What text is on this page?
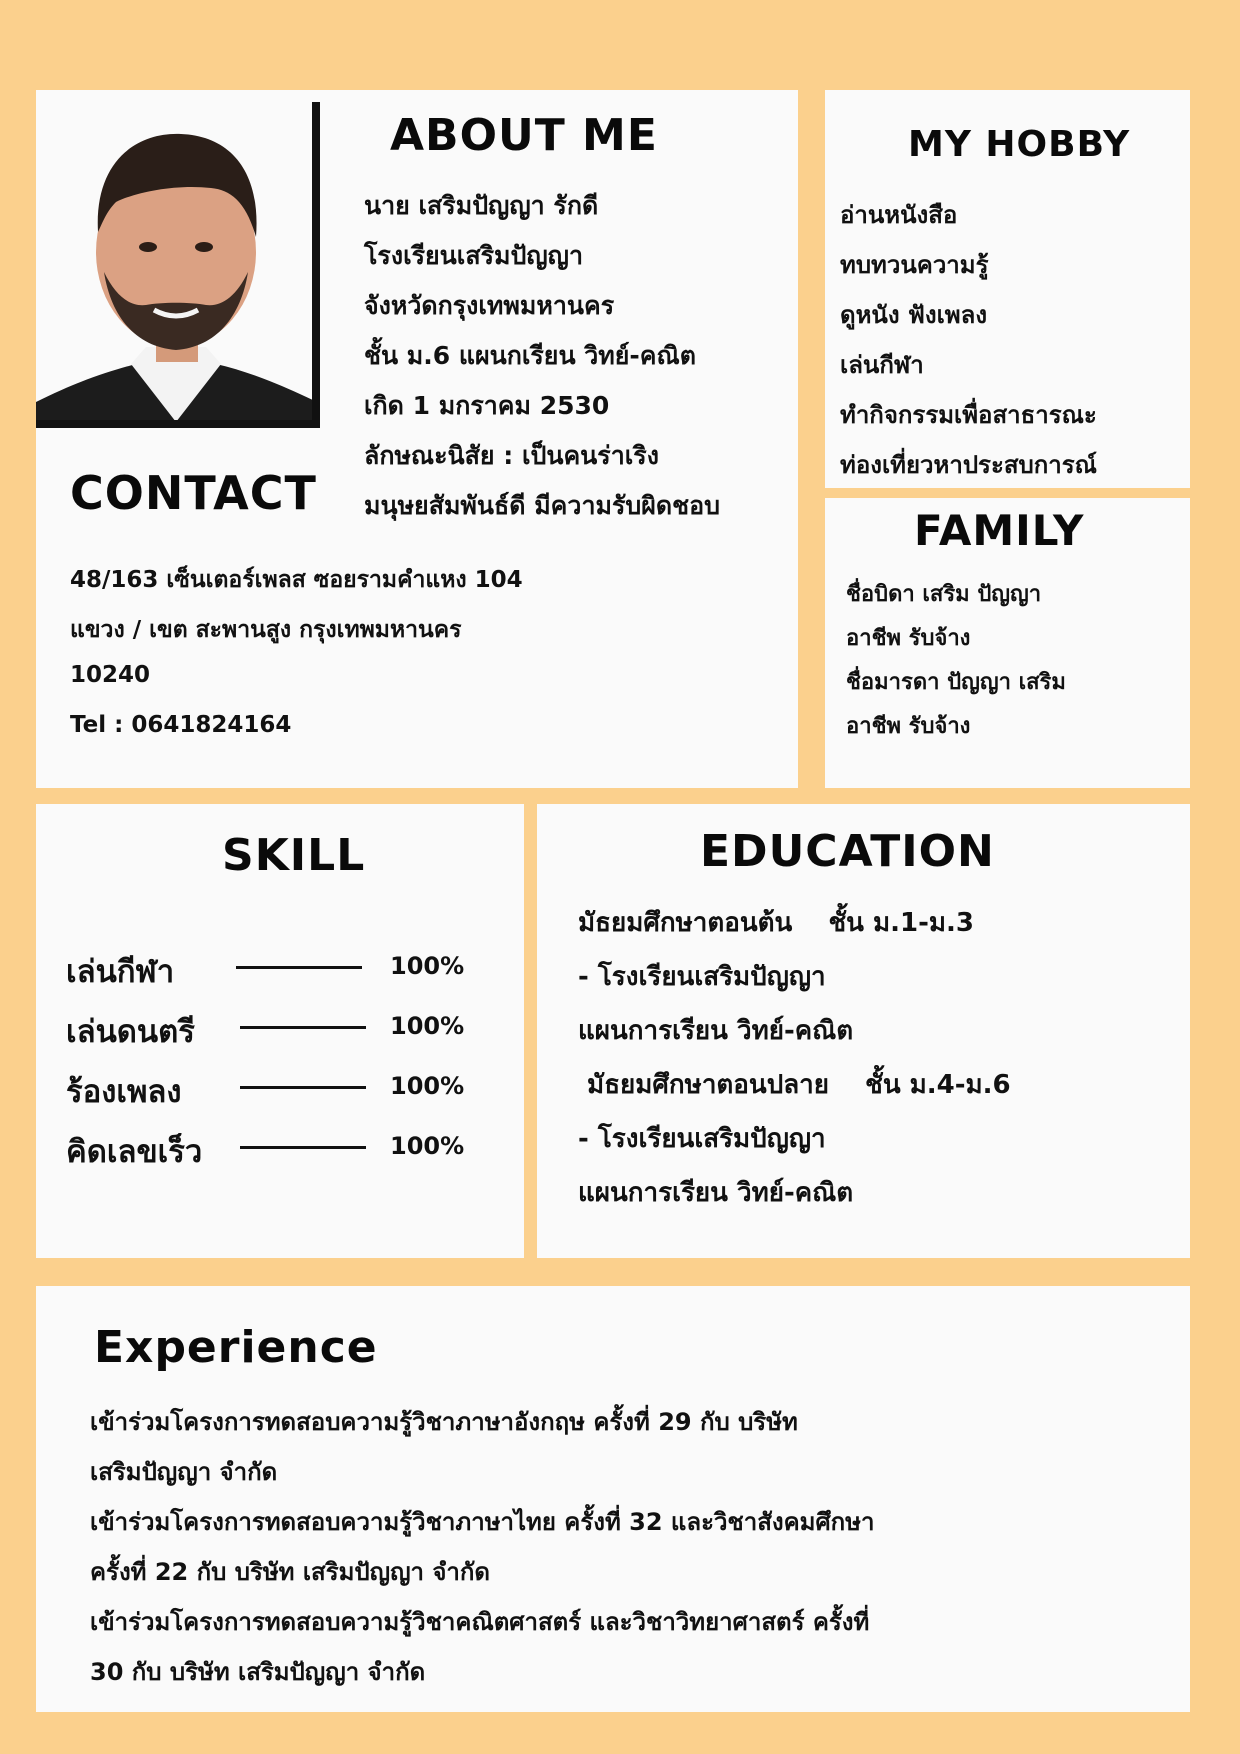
ABOUT ME

นาย เสริมปัญญา รักดี

โรงเรียนเสริมปัญญา

จังหวัดกรุงเทพมหานคร

ชั้น ม.6 แผนกเรียน วิทย์-คณิต

เกิด 1 มกราคม 2530

ลักษณะนิสัย : เป็นคนร่าเริง

มนุษยสัมพันธ์ดี มีความรับผิดชอบ

CONTACT

48/163 เซ็นเตอร์เพลส ซอยรามคำแหง 104

แขวง / เขต สะพานสูง กรุงเทพมหานคร

10240

Tel : 0641824164

MY HOBBY

อ่านหนังสือ

ทบทวนความรู้

ดูหนัง ฟังเพลง

เล่นกีฬา

ทำกิจกรรมเพื่อสาธารณะ

ท่องเที่ยวหาประสบการณ์

FAMILY

ชื่อบิดา เสริม ปัญญา

อาชีพ รับจ้าง

ชื่อมารดา ปัญญา เสริม

อาชีพ รับจ้าง

SKILL
เล่นกีฬา	100%
เล่นดนตรี	100%
ร้องเพลง	100%
คิดเลขเร็ว	100%
EDUCATION

มัธยมศึกษาตอนต้น    ชั้น ม.1-ม.3

- โรงเรียนเสริมปัญญา

แผนการเรียน วิทย์-คณิต

มัธยมศึกษาตอนปลาย    ชั้น ม.4-ม.6

- โรงเรียนเสริมปัญญา

แผนการเรียน วิทย์-คณิต

Experience

เข้าร่วมโครงการทดสอบความรู้วิชาภาษาอังกฤษ ครั้งที่ 29 กับ บริษัท

เสริมปัญญา จำกัด

เข้าร่วมโครงการทดสอบความรู้วิชาภาษาไทย ครั้งที่ 32 และวิชาสังคมศึกษา

ครั้งที่ 22 กับ บริษัท เสริมปัญญา จำกัด

เข้าร่วมโครงการทดสอบความรู้วิชาคณิตศาสตร์ และวิชาวิทยาศาสตร์ ครั้งที่

30 กับ บริษัท เสริมปัญญา จำกัด
